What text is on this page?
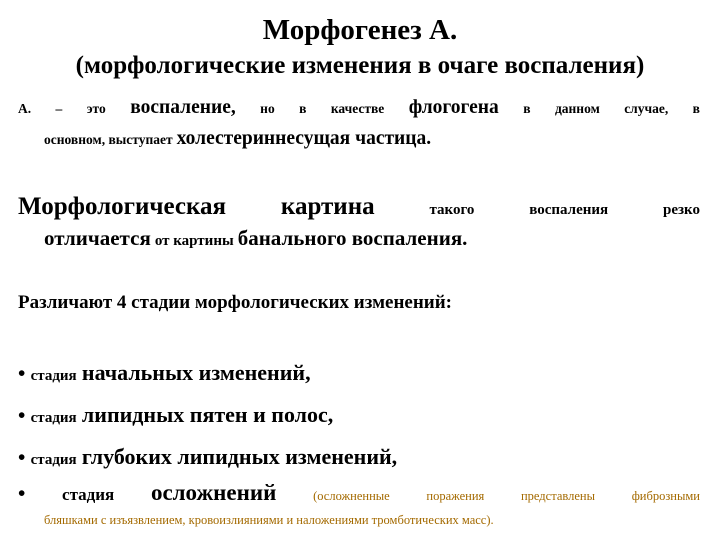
Морфогенез А.
(морфологические изменения в очаге воспаления)
А. – это воспаление, но в качестве флогогена в данном случае, в
основном, выступает холестериннесущая частица.
Морфологическая картина	такого	воспаления	резко
отличается от картины банального воспаления.
Различают 4 стадии морфологических изменений:
• стадия начальных изменений,
• стадия липидных пятен и полос,
• стадия глубоких липидных изменений,
• стадия осложнений	(осложненные	поражения	представлены	фиброзными
бляшками с изъязвлением, кровоизлияниями и наложениями тромботических масс).
